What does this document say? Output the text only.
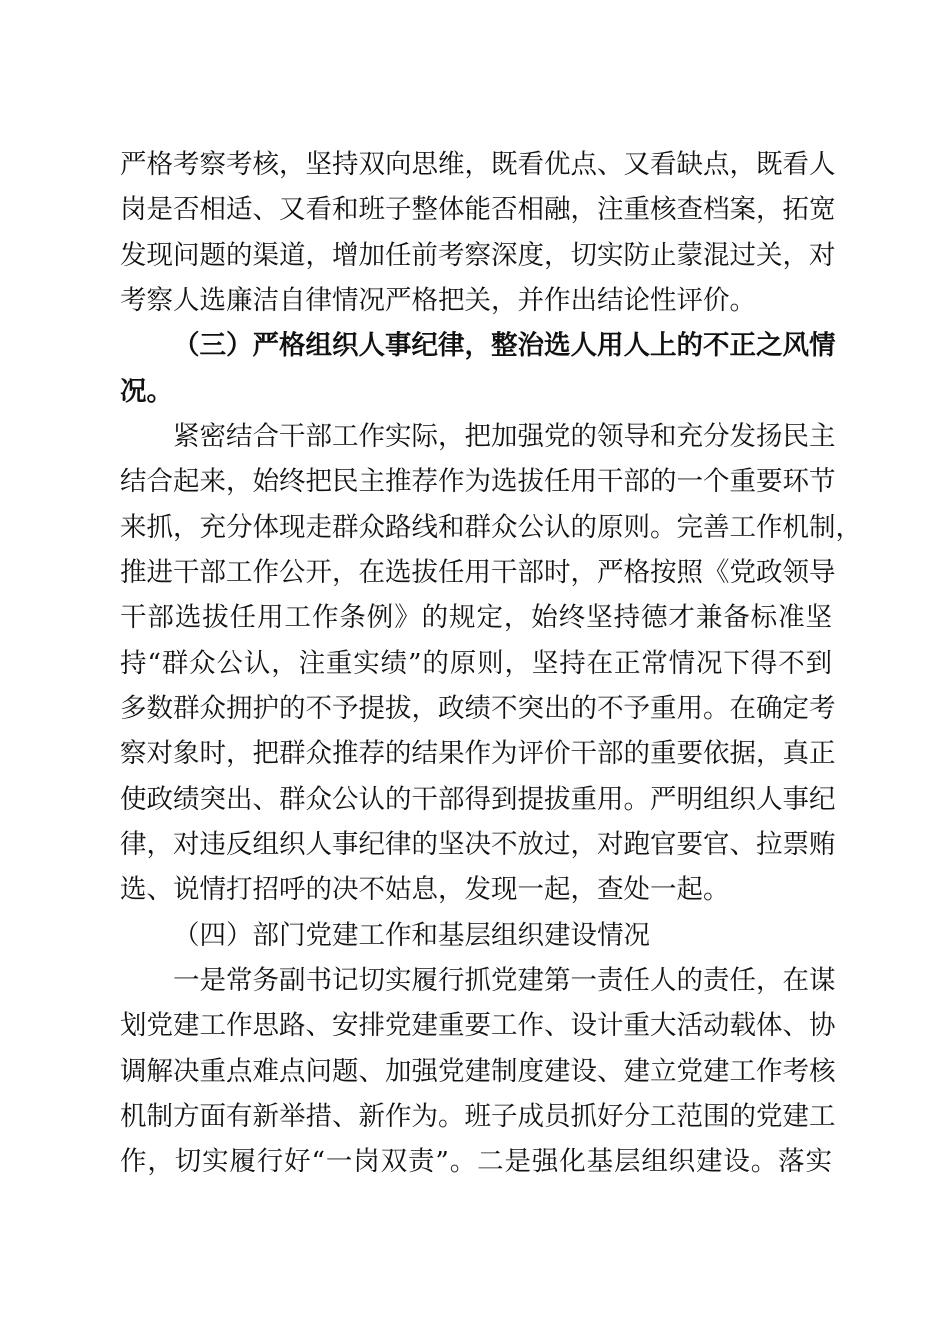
严格考察考核，坚持双向思维，既看优点、又看缺点，既看人
岗是否相适、又看和班子整体能否相融，注重核查档案，拓宽
发现问题的渠道，增加任前考察深度，切实防止蒙混过关，对
考察人选廉洁自律情况严格把关，并作出结论性评价。
（三）严格组织人事纪律，整治选人用人上的不正之风情
况。
紧密结合干部工作实际，把加强党的领导和充分发扬民主
结合起来，始终把民主推荐作为选拔任用干部的一个重要环节
来抓，充分体现走群众路线和群众公认的原则。完善工作机制，
推进干部工作公开，在选拔任用干部时，严格按照《党政领导
干部选拔任用工作条例》的规定，始终坚持德才兼备标准坚
持“群众公认，注重实绩”的原则，坚持在正常情况下得不到
多数群众拥护的不予提拔，政绩不突出的不予重用。在确定考
察对象时，把群众推荐的结果作为评价干部的重要依据，真正
使政绩突出、群众公认的干部得到提拔重用。严明组织人事纪
律，对违反组织人事纪律的坚决不放过，对跑官要官、拉票贿
选、说情打招呼的决不姑息，发现一起，查处一起。
（四）部门党建工作和基层组织建设情况
一是常务副书记切实履行抓党建第一责任人的责任，在谋
划党建工作思路、安排党建重要工作、设计重大活动载体、协
调解决重点难点问题、加强党建制度建设、建立党建工作考核
机制方面有新举措、新作为。班子成员抓好分工范围的党建工
作，切实履行好“一岗双责”。二是强化基层组织建设。落实
